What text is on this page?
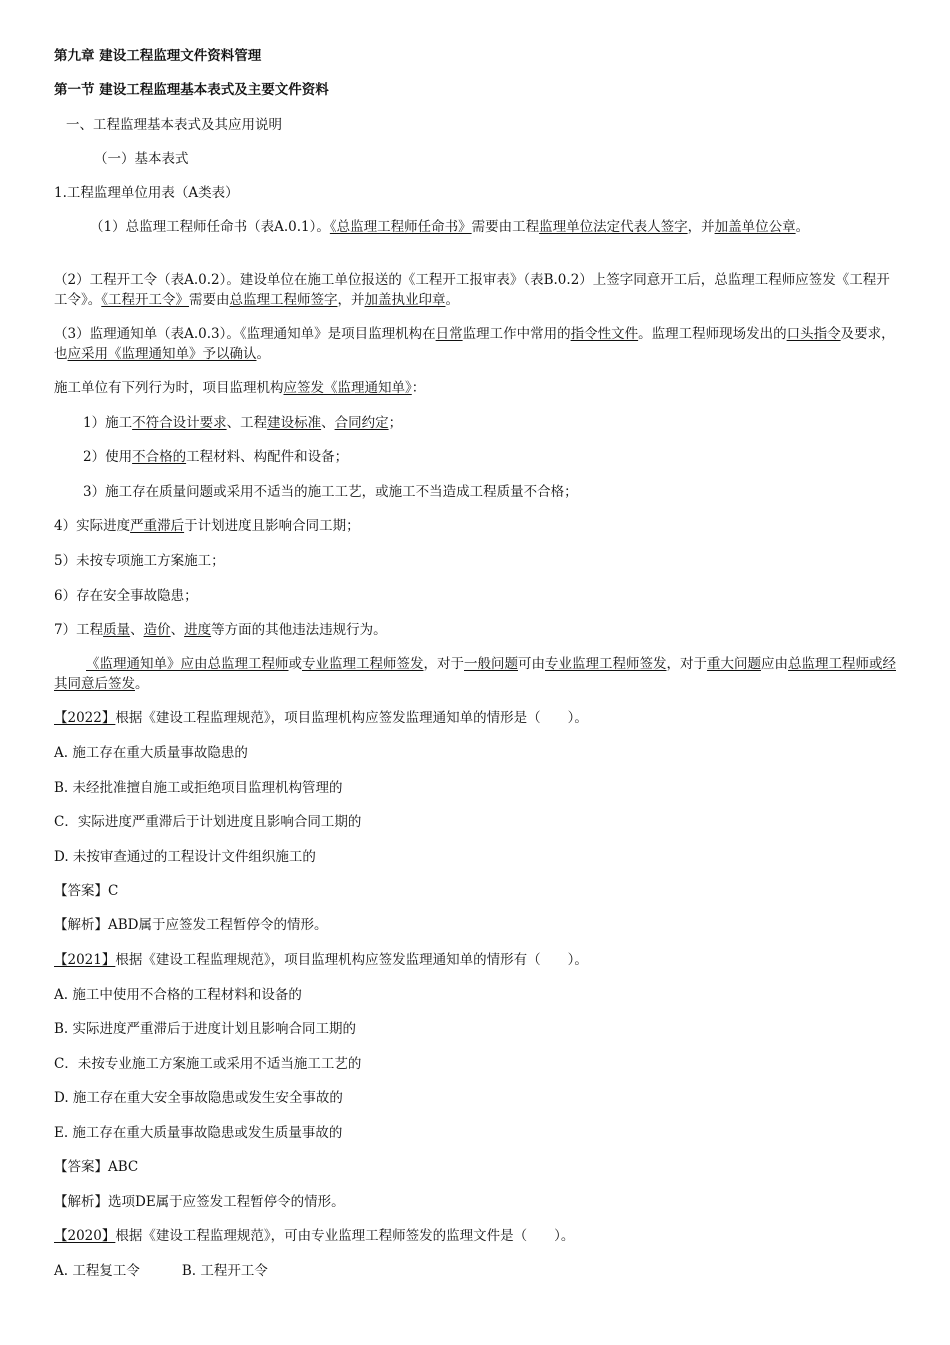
第九章 建设工程监理文件资料管理
第一节 建设工程监理基本表式及主要文件资料
一、工程监理基本表式及其应用说明
（一）基本表式
1.工程监理单位用表（A类表）
（1）总监理工程师任命书（表A.0.1）。《总监理工程师任命书》需要由工程监理单位法定代表人签字，并加盖单位公章。
（2）工程开工令（表A.0.2）。建设单位在施工单位报送的《工程开工报审表》（表B.0.2）上签字同意开工后，总监理工程师应签发《工程开工令》。《工程开工令》需要由总监理工程师签字，并加盖执业印章。
（3）监理通知单（表A.0.3）。《监理通知单》是项目监理机构在日常监理工作中常用的指令性文件。监理工程师现场发出的口头指令及要求，也应采用《监理通知单》予以确认。
施工单位有下列行为时，项目监理机构应签发《监理通知单》：
1）施工不符合设计要求、工程建设标准、合同约定；
2）使用不合格的工程材料、构配件和设备；
3）施工存在质量问题或采用不适当的施工工艺，或施工不当造成工程质量不合格；
4）实际进度严重滞后于计划进度且影响合同工期；
5）未按专项施工方案施工；
6）存在安全事故隐患；
7）工程质量、造价、进度等方面的其他违法违规行为。
《监理通知单》应由总监理工程师或专业监理工程师签发，对于一般问题可由专业监理工程师签发，对于重大问题应由总监理工程师或经其同意后签发。
【2022】根据《建设工程监理规范》，项目监理机构应签发监理通知单的情形是（　　）。
A. 施工存在重大质量事故隐患的
B. 未经批准擅自施工或拒绝项目监理机构管理的
C．实际进度严重滞后于计划进度且影响合同工期的
D. 未按审查通过的工程设计文件组织施工的
【答案】C
【解析】ABD属于应签发工程暂停令的情形。
【2021】根据《建设工程监理规范》，项目监理机构应签发监理通知单的情形有（　　）。
A. 施工中使用不合格的工程材料和设备的
B. 实际进度严重滞后于进度计划且影响合同工期的
C．未按专业施工方案施工或采用不适当施工工艺的
D. 施工存在重大安全事故隐患或发生安全事故的
E. 施工存在重大质量事故隐患或发生质量事故的
【答案】ABC
【解析】选项DE属于应签发工程暂停令的情形。
【2020】根据《建设工程监理规范》，可由专业监理工程师签发的监理文件是（　　）。
A. 工程复工令	B. 工程开工令
